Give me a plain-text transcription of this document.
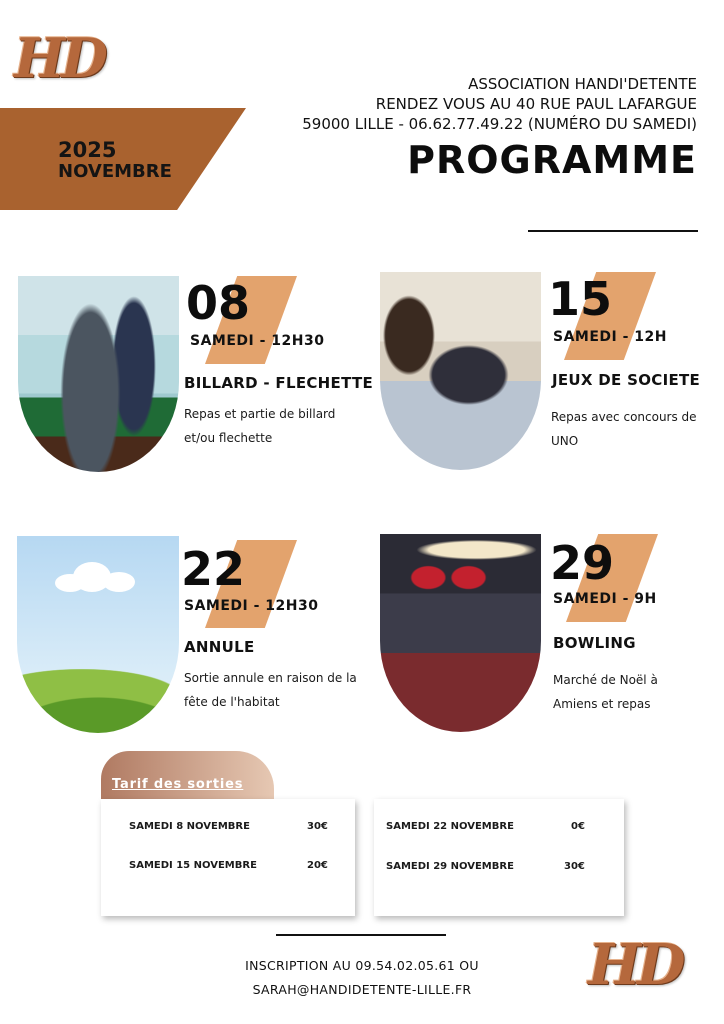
HD
2025
NOVEMBRE
ASSOCIATION HANDI'DETENTE
RENDEZ VOUS AU 40 RUE PAUL LAFARGUE
59000 LILLE - 06.62.77.49.22 (NUMÉRO DU SAMEDI)
PROGRAMME
08
SAMEDI - 12H30
BILLARD - FLECHETTE
Repas et partie de billard
et/ou flechette
15
SAMEDI - 12H
JEUX DE SOCIETE
Repas avec concours de
UNO
22
SAMEDI - 12H30
ANNULE
Sortie annule en raison de la
fête de l'habitat
29
SAMEDI - 9H
BOWLING
Marché de Noël à
Amiens et repas
Tarif des sorties
SAMEDI 8 NOVEMBRE	30€
SAMEDI 15 NOVEMBRE	20€
SAMEDI 22 NOVEMBRE	0€
SAMEDI 29 NOVEMBRE	30€
INSCRIPTION AU 09.54.02.05.61 OU
SARAH@HANDIDETENTE-LILLE.FR	HD
